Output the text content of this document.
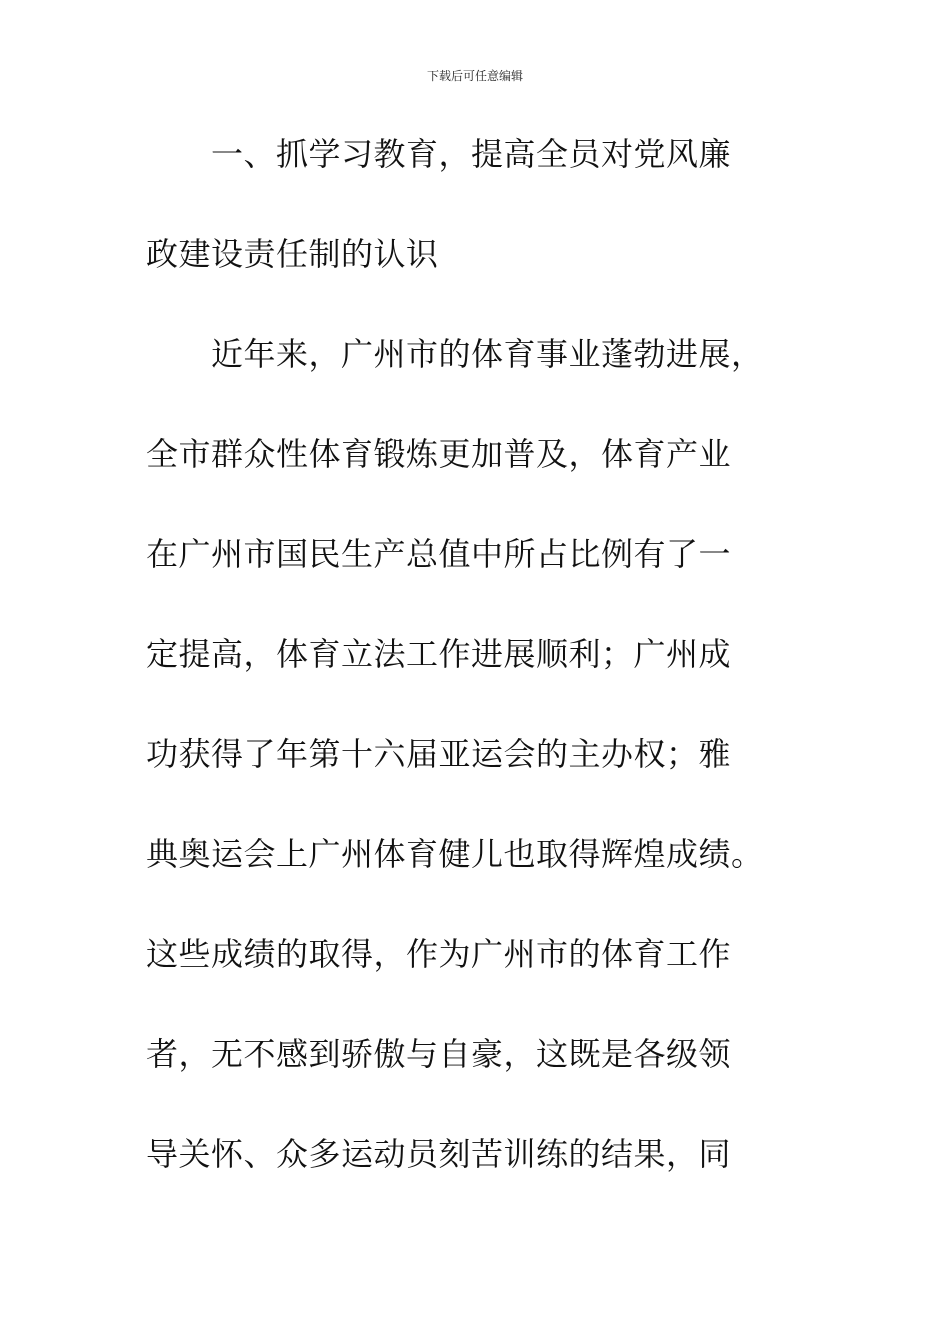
下载后可任意编辑
　　一、抓学习教育，提高全员对党风廉
政建设责任制的认识
　　近年来，广州市的体育事业蓬勃进展，
全市群众性体育锻炼更加普及，体育产业
在广州市国民生产总值中所占比例有了一
定提高，体育立法工作进展顺利；广州成
功获得了年第十六届亚运会的主办权；雅
典奥运会上广州体育健儿也取得辉煌成绩。
这些成绩的取得，作为广州市的体育工作
者，无不感到骄傲与自豪，这既是各级领
导关怀、众多运动员刻苦训练的结果，同
